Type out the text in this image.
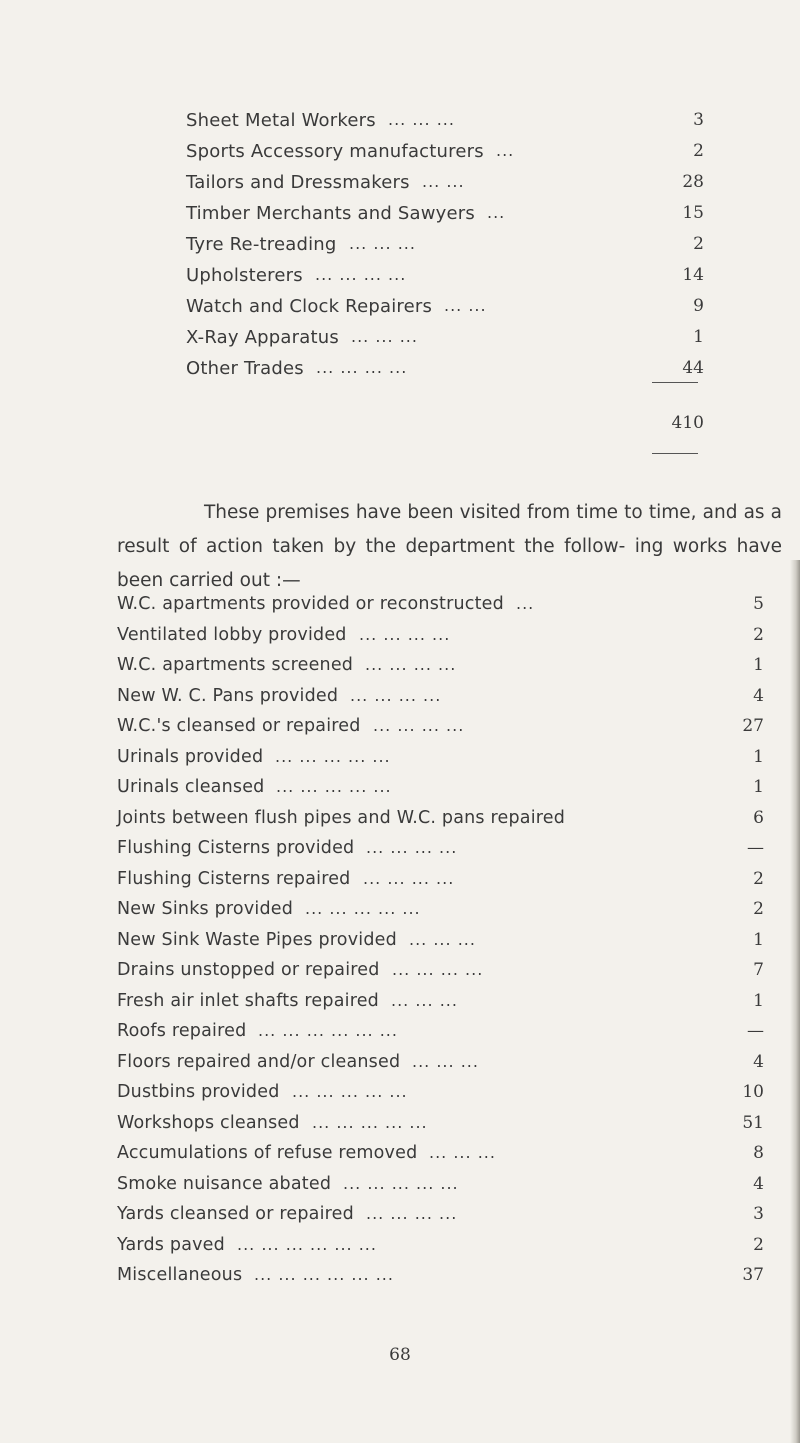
Sheet Metal Workers ... ... ...	3
Sports Accessory manufacturers ...	2
Tailors and Dressmakers ... ...	28
Timber Merchants and Sawyers ...	15
Tyre Re-treading ... ... ...	2
Upholsterers ... ... ... ...	14
Watch and Clock Repairers ... ...	9
X-Ray Apparatus ... ... ...	1
Other Trades ... ... ... ...	44
410
These premises have been visited from time to time, and as a result of action taken by the department the follow- ing works have been carried out :—
W.C. apartments provided or reconstructed ...	5
Ventilated lobby provided ... ... ... ...	2
W.C. apartments screened ... ... ... ...	1
New W. C. Pans provided ... ... ... ...	4
W.C.'s cleansed or repaired ... ... ... ...	27
Urinals provided ... ... ... ... ...	1
Urinals cleansed ... ... ... ... ...	1
Joints between flush pipes and W.C. pans repaired	6
Flushing Cisterns provided ... ... ... ...	—
Flushing Cisterns repaired ... ... ... ...	2
New Sinks provided ... ... ... ... ...	2
New Sink Waste Pipes provided ... ... ...	1
Drains unstopped or repaired ... ... ... ...	7
Fresh air inlet shafts repaired ... ... ...	1
Roofs repaired ... ... ... ... ... ...	—
Floors repaired and/or cleansed ... ... ...	4
Dustbins provided ... ... ... ... ...	10
Workshops cleansed ... ... ... ... ...	51
Accumulations of refuse removed ... ... ...	8
Smoke nuisance abated ... ... ... ... ...	4
Yards cleansed or repaired ... ... ... ...	3
Yards paved ... ... ... ... ... ...	2
Miscellaneous ... ... ... ... ... ...	37
68
